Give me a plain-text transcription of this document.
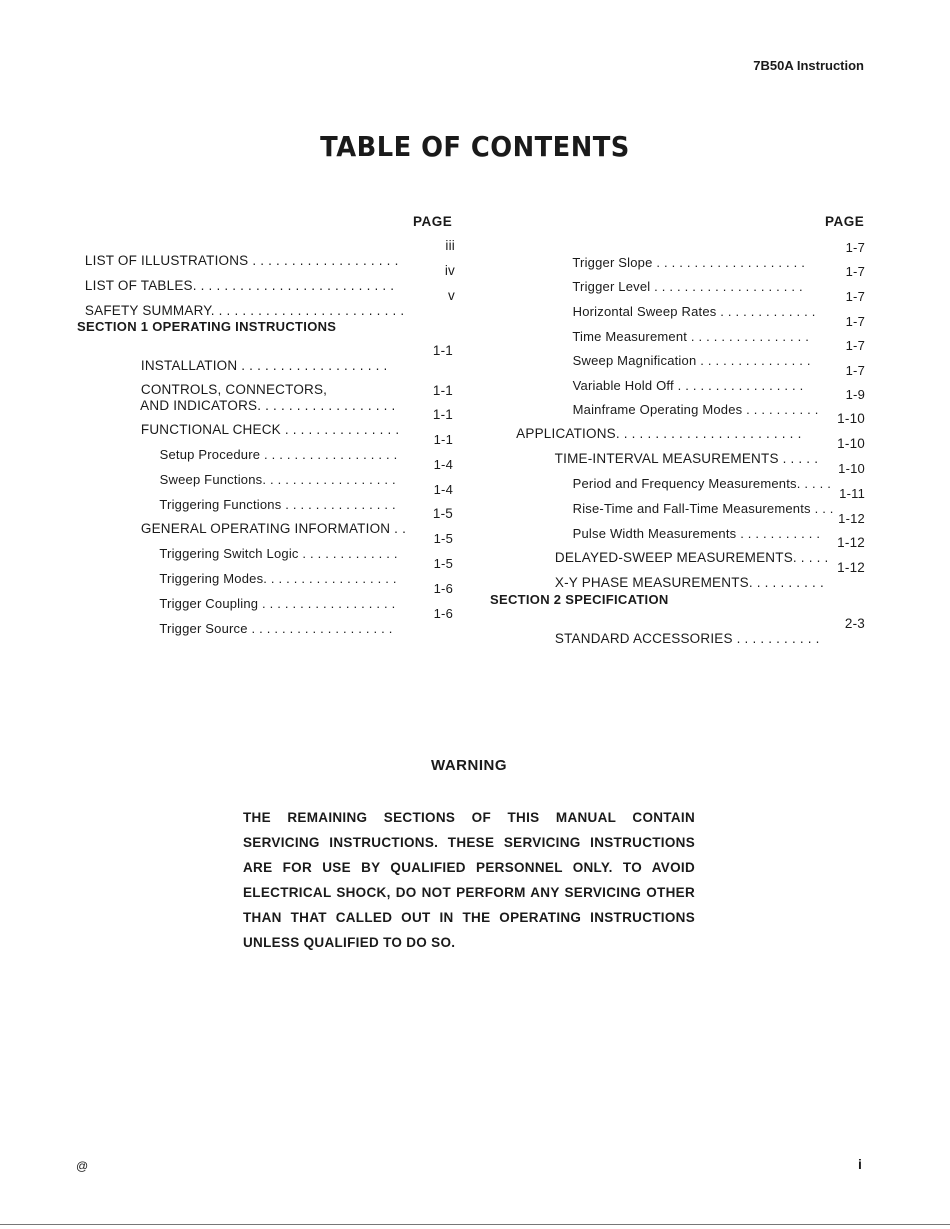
7B50A Instruction
TABLE OF CONTENTS
PAGE	PAGE

LIST OF ILLUSTRATIONS . . . . . . . . . . . . . . . . . . .

iii

LIST OF TABLES. . . . . . . . . . . . . . . . . . . . . . . . . .

iv

SAFETY SUMMARY. . . . . . . . . . . . . . . . . . . . . . . . .

v

SECTION 1 OPERATING INSTRUCTIONS

INSTALLATION . . . . . . . . . . . . . . . . . . .

1-1

CONTROLS, CONNECTORS,

AND INDICATORS. . . . . . . . . . . . . . . . . .

1-1

FUNCTIONAL CHECK . . . . . . . . . . . . . . .

1-1

Setup Procedure . . . . . . . . . . . . . . . . . .

1-1

Sweep Functions. . . . . . . . . . . . . . . . . .

1-4

Triggering Functions . . . . . . . . . . . . . . .

1-4

GENERAL OPERATING INFORMATION . .

1-5

Triggering Switch Logic . . . . . . . . . . . . .

1-5

Triggering Modes. . . . . . . . . . . . . . . . . .

1-5

Trigger Coupling . . . . . . . . . . . . . . . . . .

1-6

Trigger Source . . . . . . . . . . . . . . . . . . .

1-6

Trigger Slope . . . . . . . . . . . . . . . . . . . .

1-7

Trigger Level . . . . . . . . . . . . . . . . . . . .

1-7

Horizontal Sweep Rates . . . . . . . . . . . . .

1-7

Time Measurement . . . . . . . . . . . . . . . .

1-7

Sweep Magnification . . . . . . . . . . . . . . .

1-7

Variable Hold Off . . . . . . . . . . . . . . . . .

1-7

Mainframe Operating Modes . . . . . . . . . .

1-9

APPLICATIONS. . . . . . . . . . . . . . . . . . . . . . . .

1-10

TIME-INTERVAL MEASUREMENTS . . . . .

1-10

Period and Frequency Measurements. . . . .

1-10

Rise-Time and Fall-Time Measurements . . .

1-11

Pulse Width Measurements . . . . . . . . . . .

1-12

DELAYED-SWEEP MEASUREMENTS. . . . .

1-12

X-Y PHASE MEASUREMENTS. . . . . . . . . .

1-12

SECTION 2 SPECIFICATION

STANDARD ACCESSORIES . . . . . . . . . . .

2-3

WARNING
THE REMAINING SECTIONS OF THIS MANUAL CONTAIN SERVICING INSTRUCTIONS. THESE SERVICING INSTRUCTIONS ARE FOR USE BY QUALIFIED PERSONNEL ONLY. TO AVOID ELECTRICAL SHOCK, DO NOT PERFORM ANY SERVICING OTHER THAN THAT CALLED OUT IN THE OPERATING INSTRUCTIONS UNLESS QUALIFIED TO DO SO.
@	i
